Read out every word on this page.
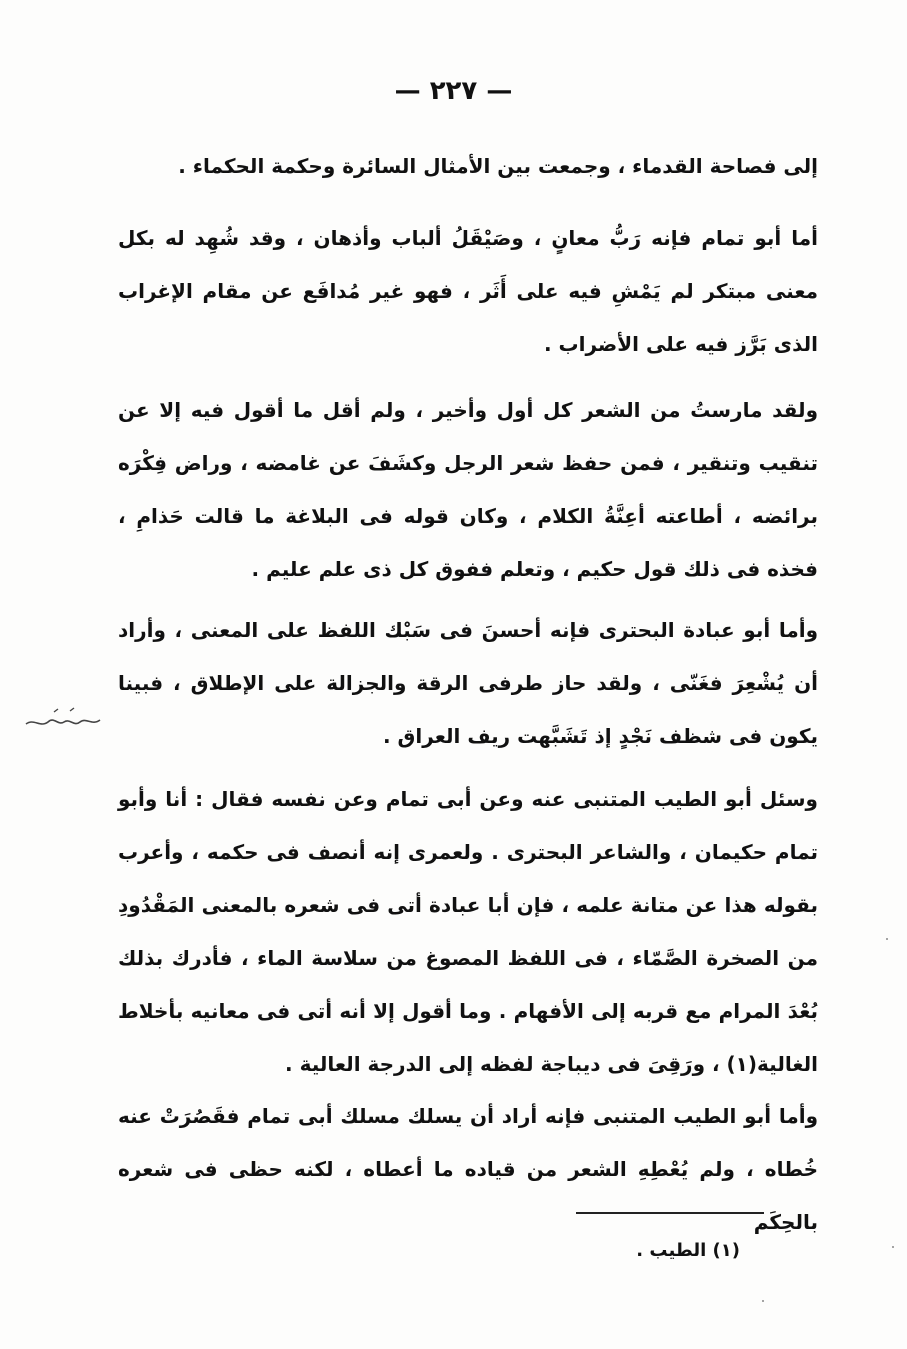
— ٢٢٧ —
إلى فصاحة القدماء ، وجمعت بين الأمثال السائرة وحكمة الحكماء .
أما أبو تمام فإنه رَبُّ معانٍ ، وصَيْقَلُ ألباب وأذهان ، وقد شُهِد له بكل معنى مبتكر لم يَمْشِ فيه على أَثَر ، فهو غير مُدافَع عن مقام الإغراب الذى بَرَّز فيه على الأضراب .
ولقد مارستُ من الشعر كل أول وأخير ، ولم أقل ما أقول فيه إلا عن تنقيب وتنقير ، فمن حفظ شعر الرجل وكشَفَ عن غامضه ، وراض فِكْرَه برائضه ، أطاعته أعِنَّةُ الكلام ، وكان قوله فى البلاغة ما قالت حَذامِ ، فخذه فى ذلك قول حكيم ، وتعلم ففوق كل ذى علم عليم .
وأما أبو عبادة البحترى فإنه أحسنَ فى سَبْك اللفظ على المعنى ، وأراد أن يُشْعِرَ فغَنّى ، ولقد حاز طرفى الرقة والجزالة على الإطلاق ، فبينا يكون فى شظف نَجْدٍ إذ تَشَبَّهت ريف العراق .
وسئل أبو الطيب المتنبى عنه وعن أبى تمام وعن نفسه فقال : أنا وأبو تمام حكيمان ، والشاعر البحترى . ولعمرى إنه أنصف فى حكمه ، وأعرب بقوله هذا عن متانة علمه ، فإن أبا عبادة أتى فى شعره بالمعنى المَقْدُودِ من الصخرة الصَّمّاء ، فى اللفظ المصوغ من سلاسة الماء ، فأدرك بذلك بُعْدَ المرام مع قربه إلى الأفهام . وما أقول إلا أنه أتى فى معانيه بأخلاط الغالية(١) ، ورَقِىَ فى ديباجة لفظه إلى الدرجة العالية .
وأما أبو الطيب المتنبى فإنه أراد أن يسلك مسلك أبى تمام فقَصُرَتْ عنه خُطاه ، ولم يُعْطِهِ الشعر من قياده ما أعطاه ، لكنه حظى فى شعره بالحِكَم
(١) الطيب .
